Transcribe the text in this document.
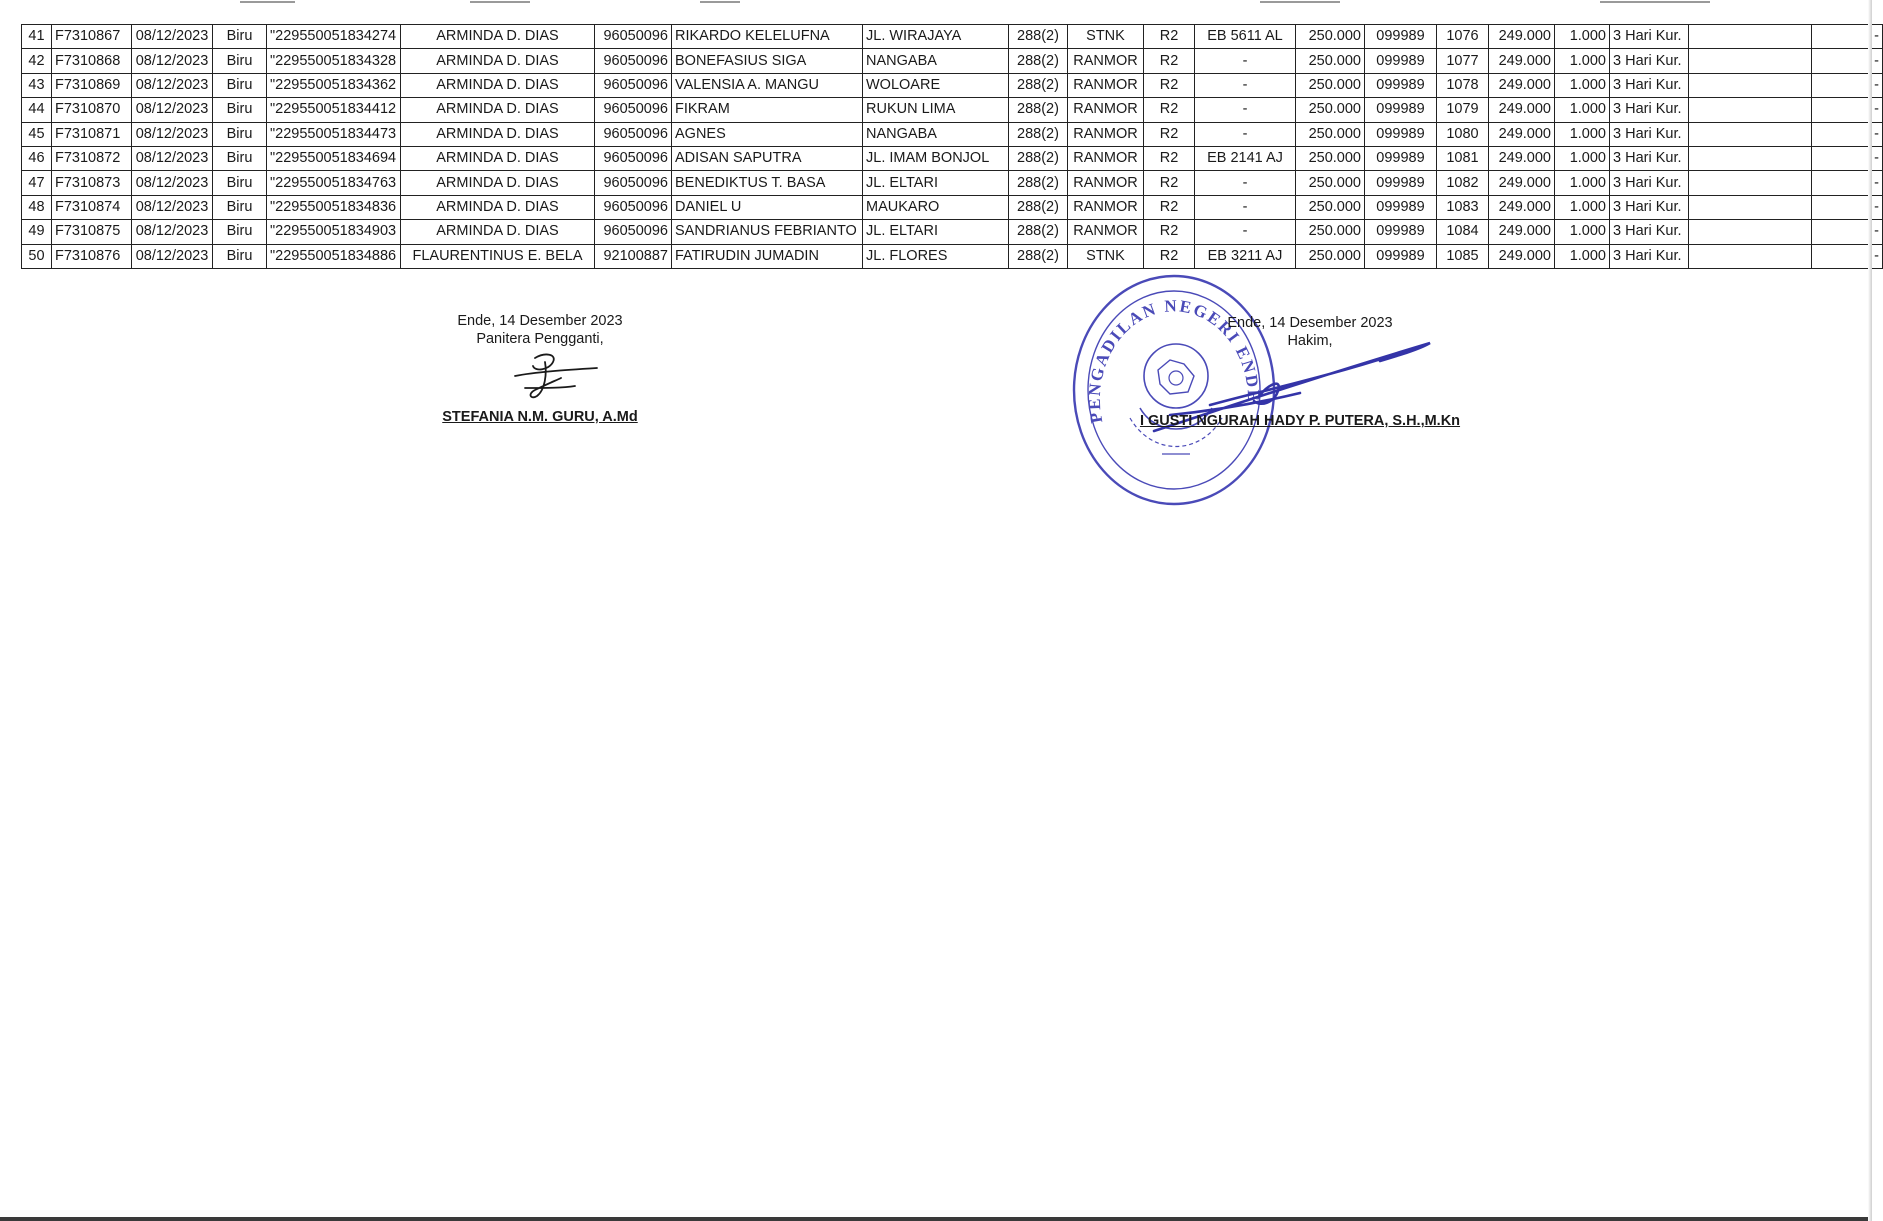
41	F7310867	08/12/2023	Biru	"229550051834274	ARMINDA D. DIAS	96050096	RIKARDO KELELUFNA	JL. WIRAJAYA	288(2)	STNK	R2	EB 5611 AL	250.000	099989	1076	249.000	1.000	3 Hari Kur.		-
42	F7310868	08/12/2023	Biru	"229550051834328	ARMINDA D. DIAS	96050096	BONEFASIUS SIGA	NANGABA	288(2)	RANMOR	R2	-	250.000	099989	1077	249.000	1.000	3 Hari Kur.		-
43	F7310869	08/12/2023	Biru	"229550051834362	ARMINDA D. DIAS	96050096	VALENSIA A. MANGU	WOLOARE	288(2)	RANMOR	R2	-	250.000	099989	1078	249.000	1.000	3 Hari Kur.		-
44	F7310870	08/12/2023	Biru	"229550051834412	ARMINDA D. DIAS	96050096	FIKRAM	RUKUN LIMA	288(2)	RANMOR	R2	-	250.000	099989	1079	249.000	1.000	3 Hari Kur.		-
45	F7310871	08/12/2023	Biru	"229550051834473	ARMINDA D. DIAS	96050096	AGNES	NANGABA	288(2)	RANMOR	R2	-	250.000	099989	1080	249.000	1.000	3 Hari Kur.		-
46	F7310872	08/12/2023	Biru	"229550051834694	ARMINDA D. DIAS	96050096	ADISAN SAPUTRA	JL. IMAM BONJOL	288(2)	RANMOR	R2	EB 2141 AJ	250.000	099989	1081	249.000	1.000	3 Hari Kur.		-
47	F7310873	08/12/2023	Biru	"229550051834763	ARMINDA D. DIAS	96050096	BENEDIKTUS T. BASA	JL. ELTARI	288(2)	RANMOR	R2	-	250.000	099989	1082	249.000	1.000	3 Hari Kur.		-
48	F7310874	08/12/2023	Biru	"229550051834836	ARMINDA D. DIAS	96050096	DANIEL U	MAUKARO	288(2)	RANMOR	R2	-	250.000	099989	1083	249.000	1.000	3 Hari Kur.		-
49	F7310875	08/12/2023	Biru	"229550051834903	ARMINDA D. DIAS	96050096	SANDRIANUS FEBRIANTO	JL. ELTARI	288(2)	RANMOR	R2	-	250.000	099989	1084	249.000	1.000	3 Hari Kur.		-
50	F7310876	08/12/2023	Biru	"229550051834886	FLAURENTINUS E. BELA	92100887	FATIRUDIN JUMADIN	JL. FLORES	288(2)	STNK	R2	EB 3211 AJ	250.000	099989	1085	249.000	1.000	3 Hari Kur.		-
Ende, 14 Desember 2023
Panitera Pengganti,
STEFANIA N.M. GURU, A.Md	PENGADILAN NEGERI ENDE
Ende, 14 Desember 2023
Hakim,
I GUSTI NGURAH HADY P. PUTERA, S.H.,M.Kn
